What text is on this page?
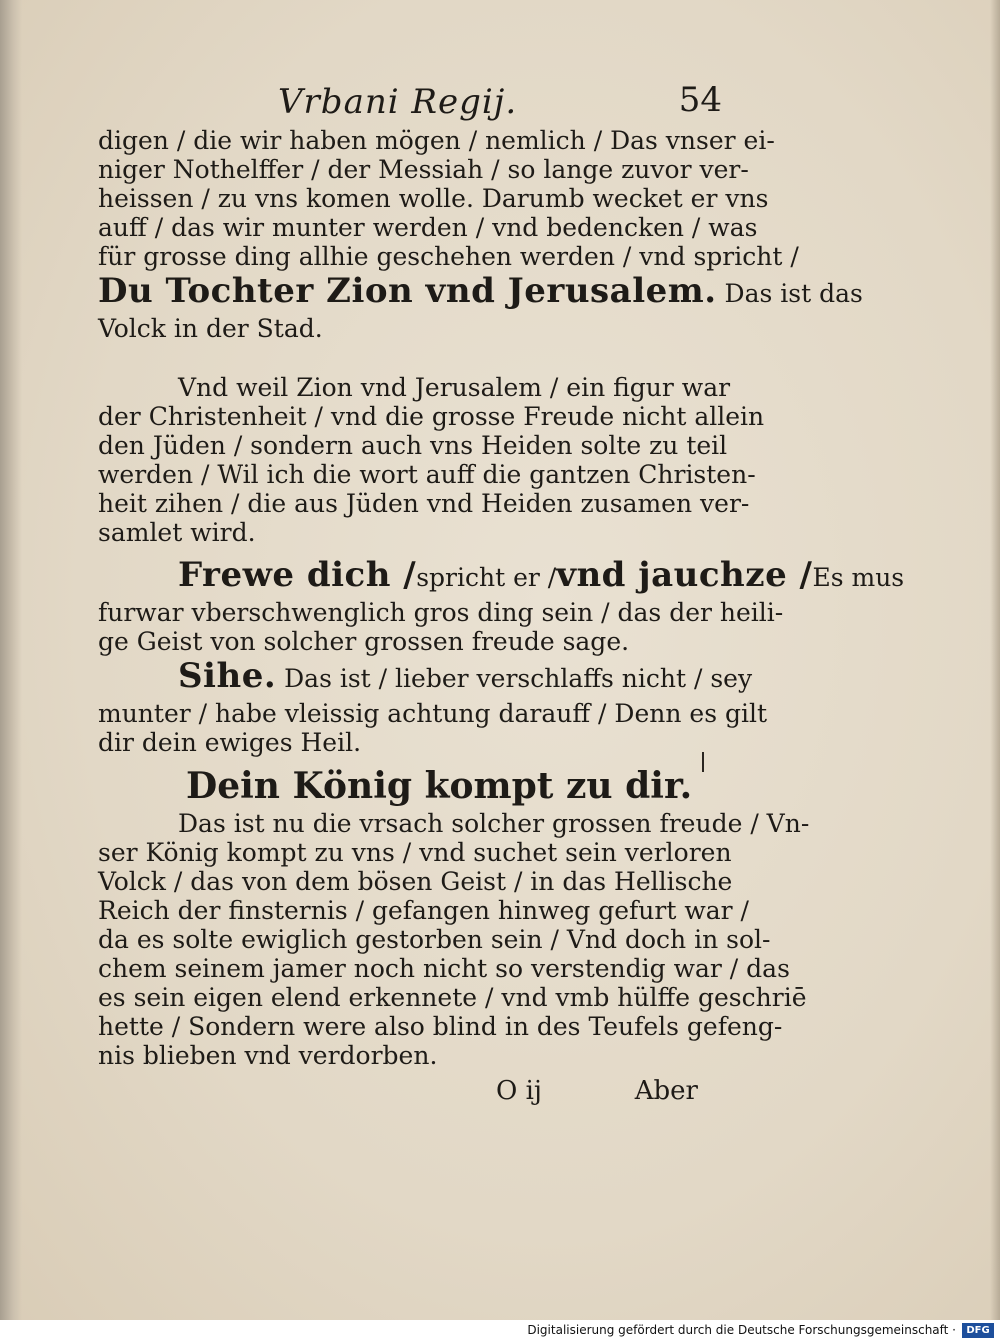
Vrbani Regij.	54
digen / die wir haben mögen / nemlich / Das vnser ei-
niger Nothelffer / der Messiah / so lange zuvor ver-
heissen / zu vns komen wolle. Darumb wecket er vns
auff / das wir munter werden / vnd bedencken / was
für grosse ding allhie geschehen werden / vnd spricht /
Du Tochter Zion vnd Jerusalem. Das ist das
Volck in der Stad.
Vnd weil Zion vnd Jerusalem / ein figur war
der Christenheit / vnd die grosse Freude nicht allein
den Jüden / sondern auch vns Heiden solte zu teil
werden / Wil ich die wort auff die gantzen Christen-
heit zihen / die aus Jüden vnd Heiden zusamen ver-
samlet wird.
Frewe dich /spricht er /vnd jauchze /Es mus
furwar vberschwenglich gros ding sein / das der heili-
ge Geist von solcher grossen freude sage.
Sihe. Das ist / lieber verschlaffs nicht / sey
munter / habe vleissig achtung darauff / Denn es gilt
dir dein ewiges Heil.
Dein König kompt zu dir.
Das ist nu die vrsach solcher grossen freude / Vn-
ser König kompt zu vns / vnd suchet sein verloren
Volck / das von dem bösen Geist / in das Hellische
Reich der finsternis / gefangen hinweg gefurt war /
da es solte ewiglich gestorben sein / Vnd doch in sol-
chem seinem jamer noch nicht so verstendig war / das
es sein eigen elend erkennete / vnd vmb hülffe geschriē
hette / Sondern were also blind in des Teufels gefeng-
nis blieben vnd verdorben.
O ij	Aber
Digitalisierung gefördert durch die Deutsche Forschungsgemeinschaft ·	DFG
